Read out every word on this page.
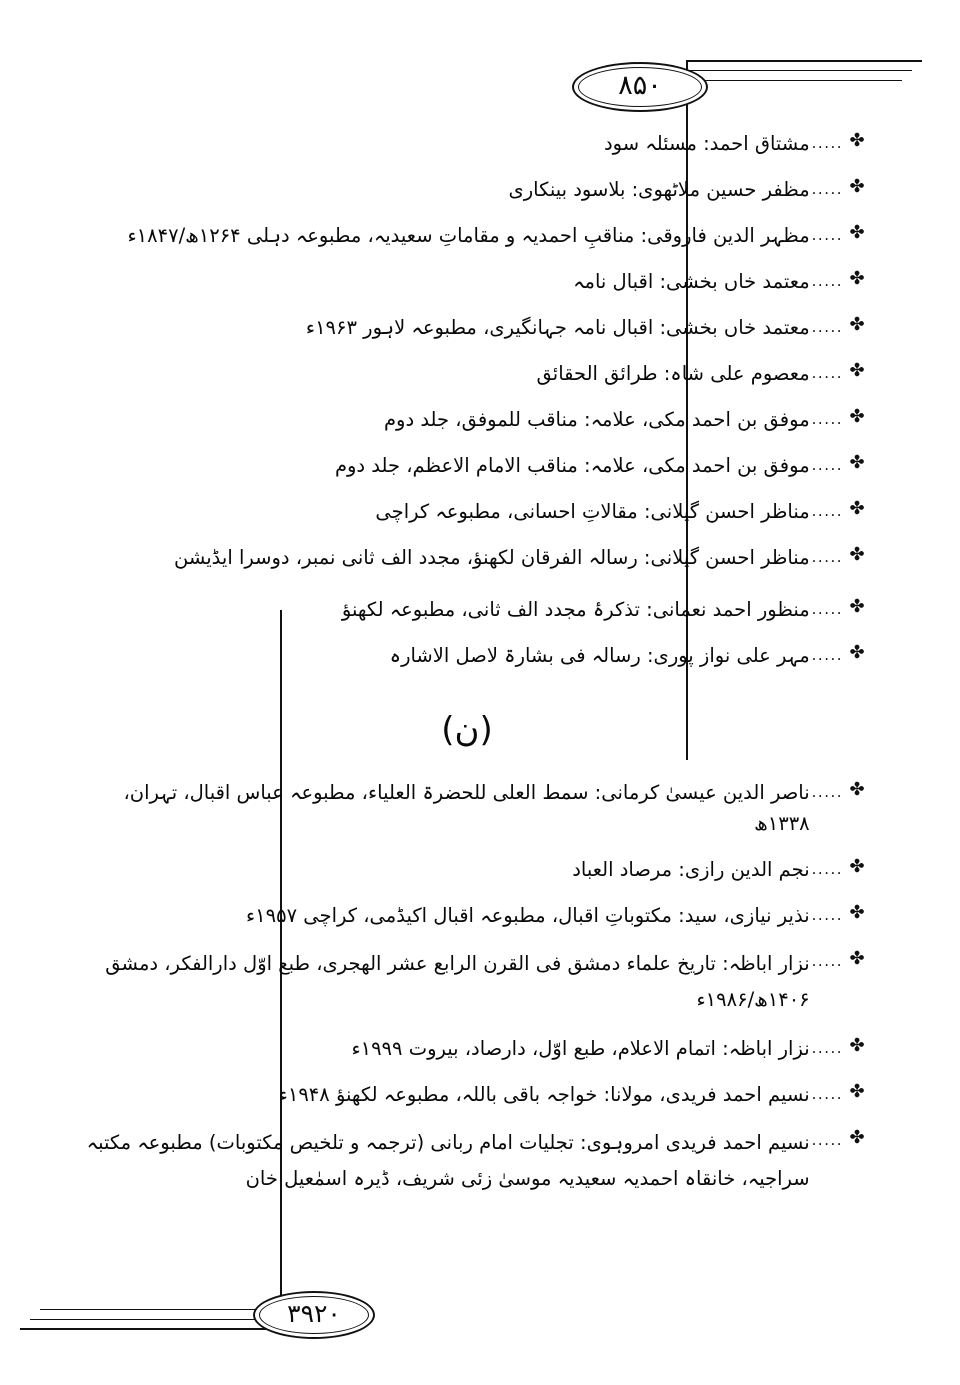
۸۵۰
۳۹۲۰
✤
.....
مشتاق احمد: مسئلہ سود
✤
.....
مظفر حسین ملاٹھوی: بلاسود بینکاری
✤
.....
مظہر الدین فاروقی: مناقبِ احمدیہ و مقاماتِ سعیدیہ، مطبوعہ دہلی ۱۲۶۴ھ/۱۸۴۷ء
✤
.....
معتمد خاں بخشی: اقبال نامہ
✤
.....
معتمد خاں بخشی: اقبال نامہ جہانگیری، مطبوعہ لاہور ۱۹۶۳ء
✤
.....
معصوم علی شاہ: طرائق الحقائق
✤
.....
موفق بن احمد مکی، علامہ: مناقب للموفق، جلد دوم
✤
.....
موفق بن احمد مکی، علامہ: مناقب الامام الاعظم، جلد دوم
✤
.....
مناظر احسن گیلانی: مقالاتِ احسانی، مطبوعہ کراچی
✤
.....
مناظر احسن گیلانی: رسالہ الفرقان لکھنؤ، مجدد الف ثانی نمبر، دوسرا ایڈیشن
✤
.....
منظور احمد نعمانی: تذکرۂ مجدد الف ثانی، مطبوعہ لکھنؤ
✤
.....
مہر علی نواز پوری: رسالہ فی بشارۃ لاصل الاشارہ
(ن)
✤
.....
ناصر الدین عیسیٰ کرمانی: سمط العلی للحضرۃ العلیاء، مطبوعہ عباس اقبال، تہران، ۱۳۳۸ھ
✤
.....
نجم الدین رازی: مرصاد العباد
✤
.....
نذیر نیازی، سید: مکتوباتِ اقبال، مطبوعہ اقبال اکیڈمی، کراچی ۱۹۵۷ء
✤
.....
نزار اباظہ: تاریخ علماء دمشق فی القرن الرابع عشر الھجری، طبع اوّل دارالفکر، دمشق ۱۴۰۶ھ/۱۹۸۶ء
✤
.....
نزار اباظہ: اتمام الاعلام، طبع اوّل، دارصاد، بیروت ۱۹۹۹ء
✤
.....
نسیم احمد فریدی، مولانا: خواجہ باقی باللہ، مطبوعہ لکھنؤ ۱۹۴۸ء
✤
.....
نسیم احمد فریدی امروہوی: تجلیات امام ربانی (ترجمہ و تلخیص مکتوبات) مطبوعہ مکتبہ سراجیہ، خانقاہ احمدیہ سعیدیہ موسیٰ زئی شریف، ڈیرہ اسمٰعیل خان
